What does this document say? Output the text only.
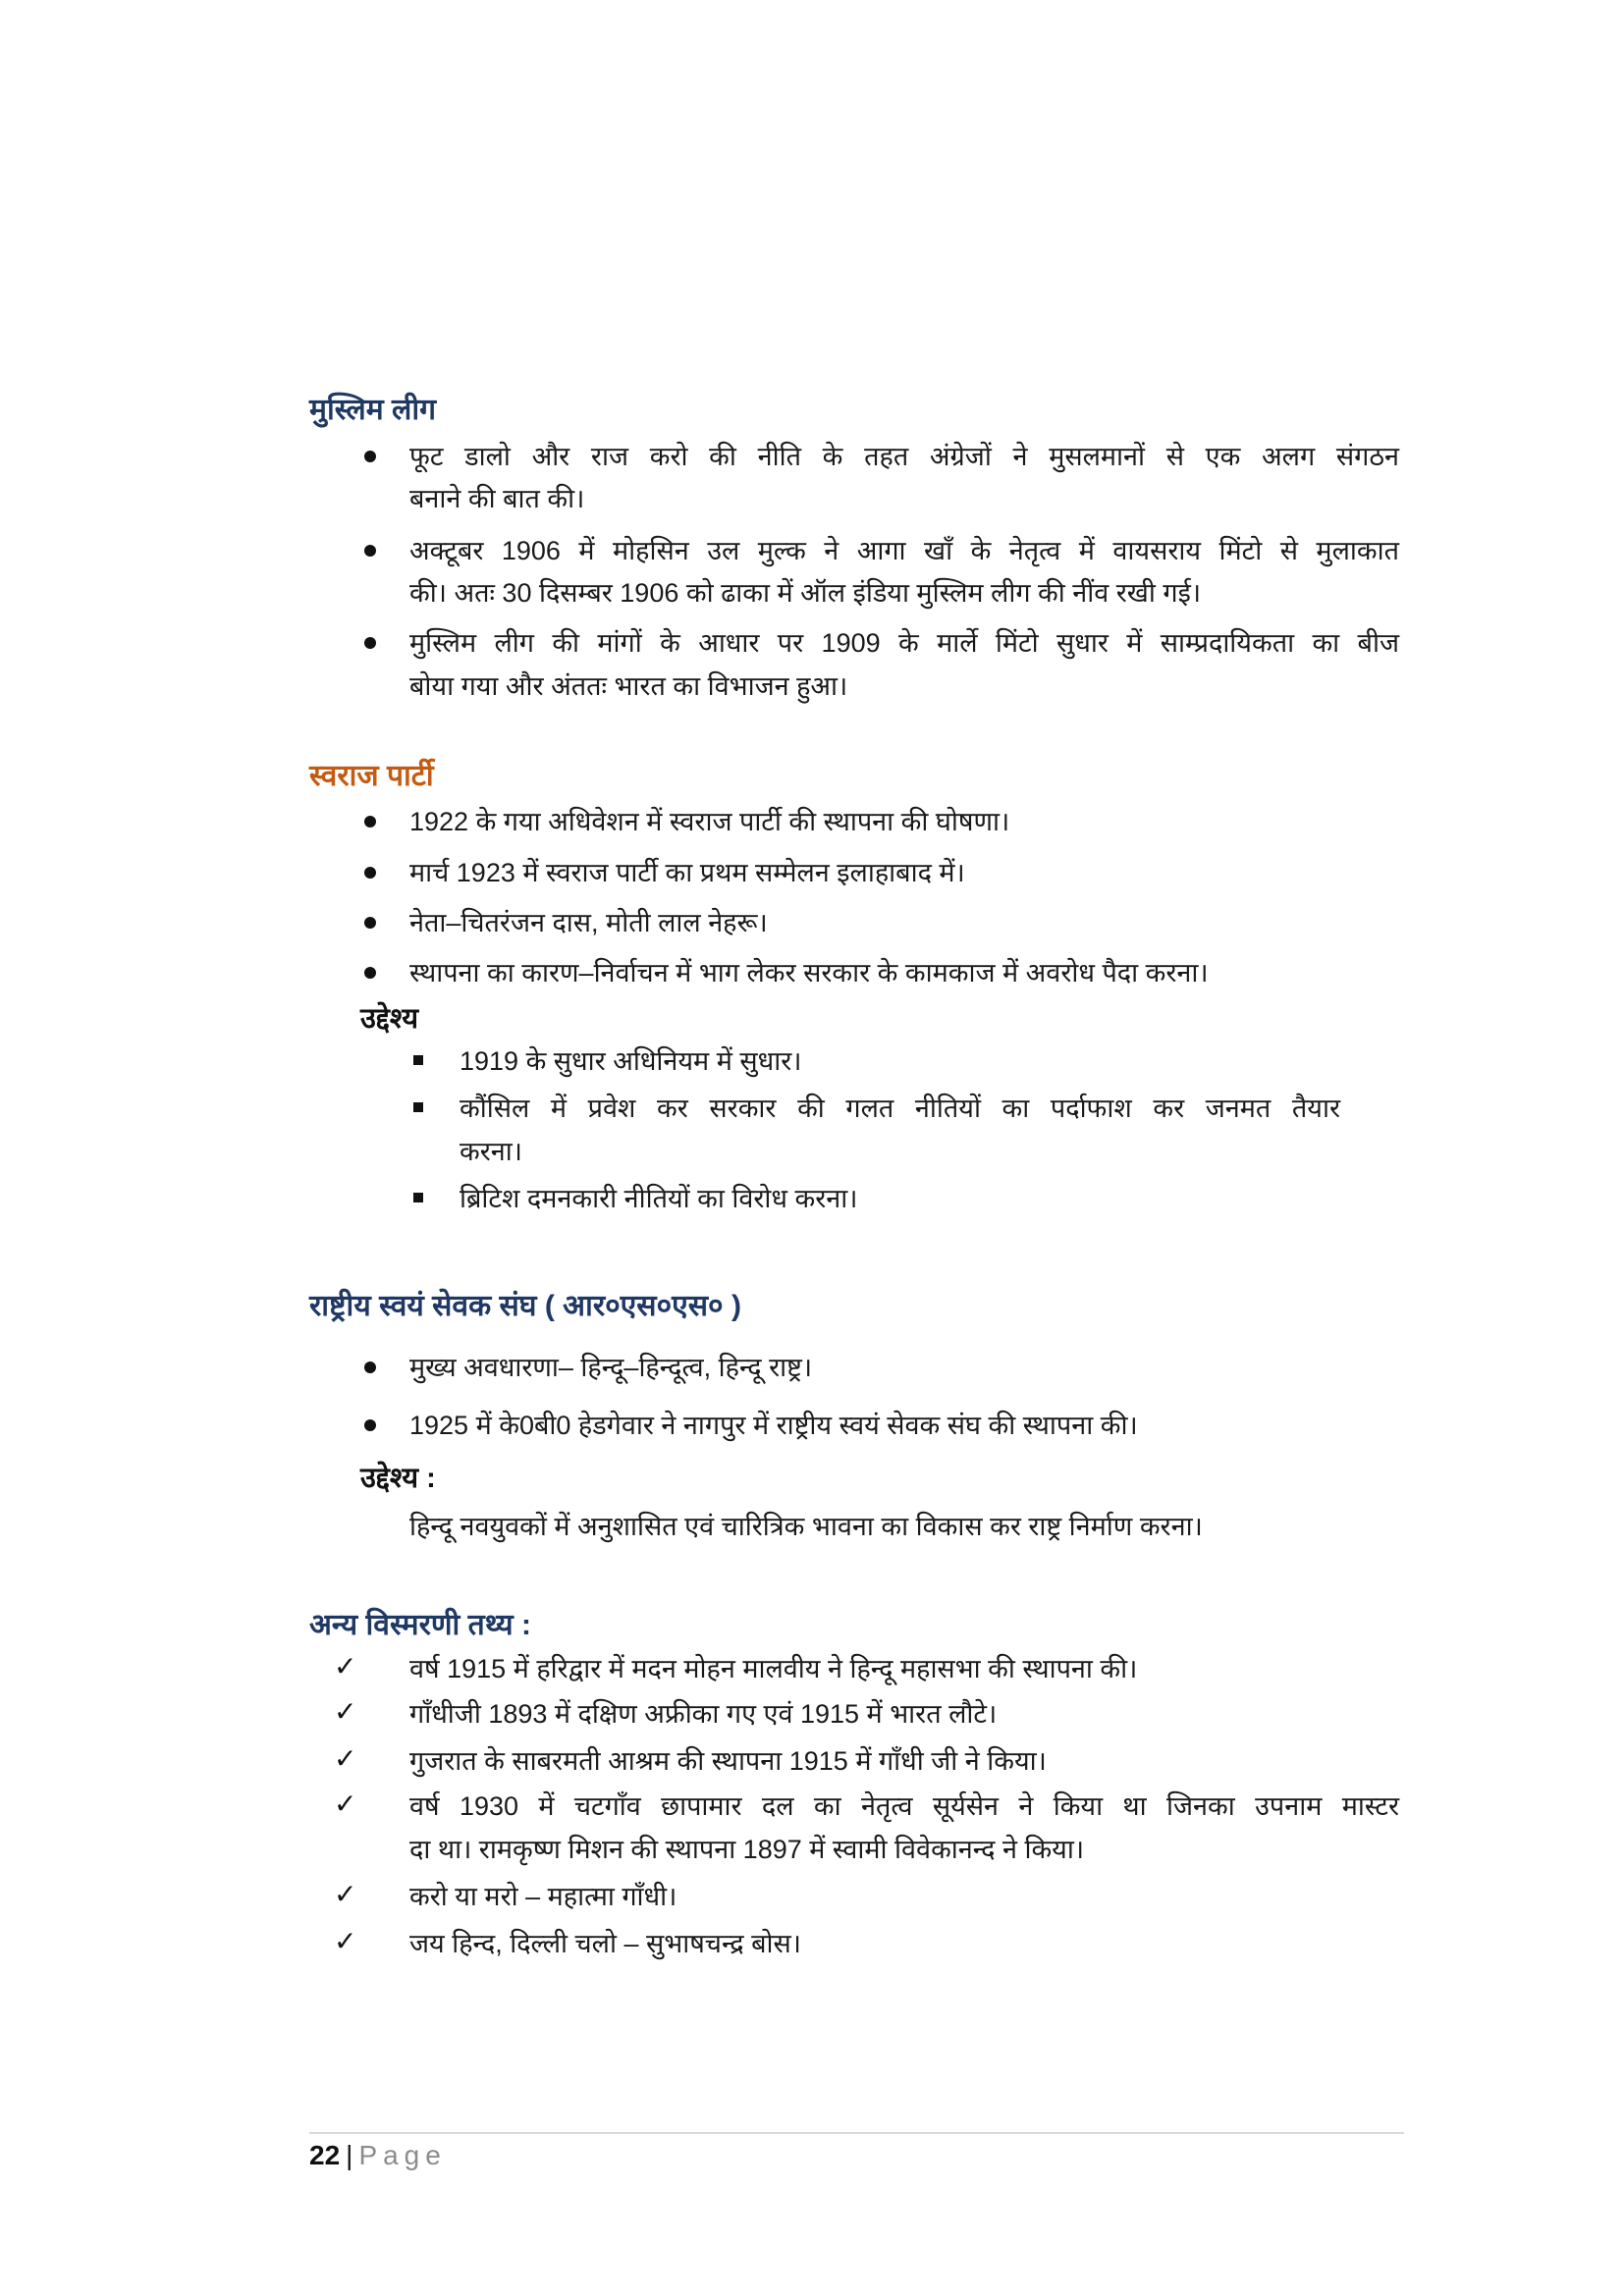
मुस्लिम लीग
फूट डालो और राज करो की नीति के तहत अंग्रेजों ने मुसलमानों से एक अलग संगठन
बनाने की बात की।
अक्टूबर 1906 में मोहसिन उल मुल्क ने आगा खाँ के नेतृत्व में वायसराय मिंटो से मुलाकात
की। अतः 30 दिसम्बर 1906 को ढाका में ऑल इंडिया मुस्लिम लीग की नींव रखी गई।
मुस्लिम लीग की मांगों के आधार पर 1909 के मार्ले मिंटो सुधार में साम्प्रदायिकता का बीज
बोया गया और अंततः भारत का विभाजन हुआ।
स्वराज पार्टी
1922 के गया अधिवेशन में स्वराज पार्टी की स्थापना की घोषणा।
मार्च 1923 में स्वराज पार्टी का प्रथम सम्मेलन इलाहाबाद में।
नेता–चितरंजन दास, मोती लाल नेहरू।
स्थापना का कारण–निर्वाचन में भाग लेकर सरकार के कामकाज में अवरोध पैदा करना।
उद्देश्य
1919 के सुधार अधिनियम में सुधार।
कौंसिल में प्रवेश कर सरकार की गलत नीतियों का पर्दाफाश कर जनमत तैयार
करना।
ब्रिटिश दमनकारी नीतियों का विरोध करना।
राष्ट्रीय स्वयं सेवक संघ ( आर०एस०एस० )
मुख्य अवधारणा– हिन्दू–हिन्दूत्व, हिन्दू राष्ट्र।
1925 में के0बी0 हेडगेवार ने नागपुर में राष्ट्रीय स्वयं सेवक संघ की स्थापना की।
उद्देश्य :
हिन्दू नवयुवकों में अनुशासित एवं चारित्रिक भावना का विकास कर राष्ट्र निर्माण करना।
अन्य विस्मरणी तथ्य :
✓ वर्ष 1915 में हरिद्वार में मदन मोहन मालवीय ने हिन्दू महासभा की स्थापना की।
✓ गाँधीजी 1893 में दक्षिण अफ्रीका गए एवं 1915 में भारत लौटे।
✓ गुजरात के साबरमती आश्रम की स्थापना 1915 में गाँधी जी ने किया।
✓ वर्ष 1930 में चटगाँव छापामार दल का नेतृत्व सूर्यसेन ने किया था जिनका उपनाम मास्टर
दा था। रामकृष्ण मिशन की स्थापना 1897 में स्वामी विवेकानन्द ने किया।
✓ करो या मरो – महात्मा गाँधी।
✓ जय हिन्द, दिल्ली चलो – सुभाषचन्द्र बोस।
22 | Page
